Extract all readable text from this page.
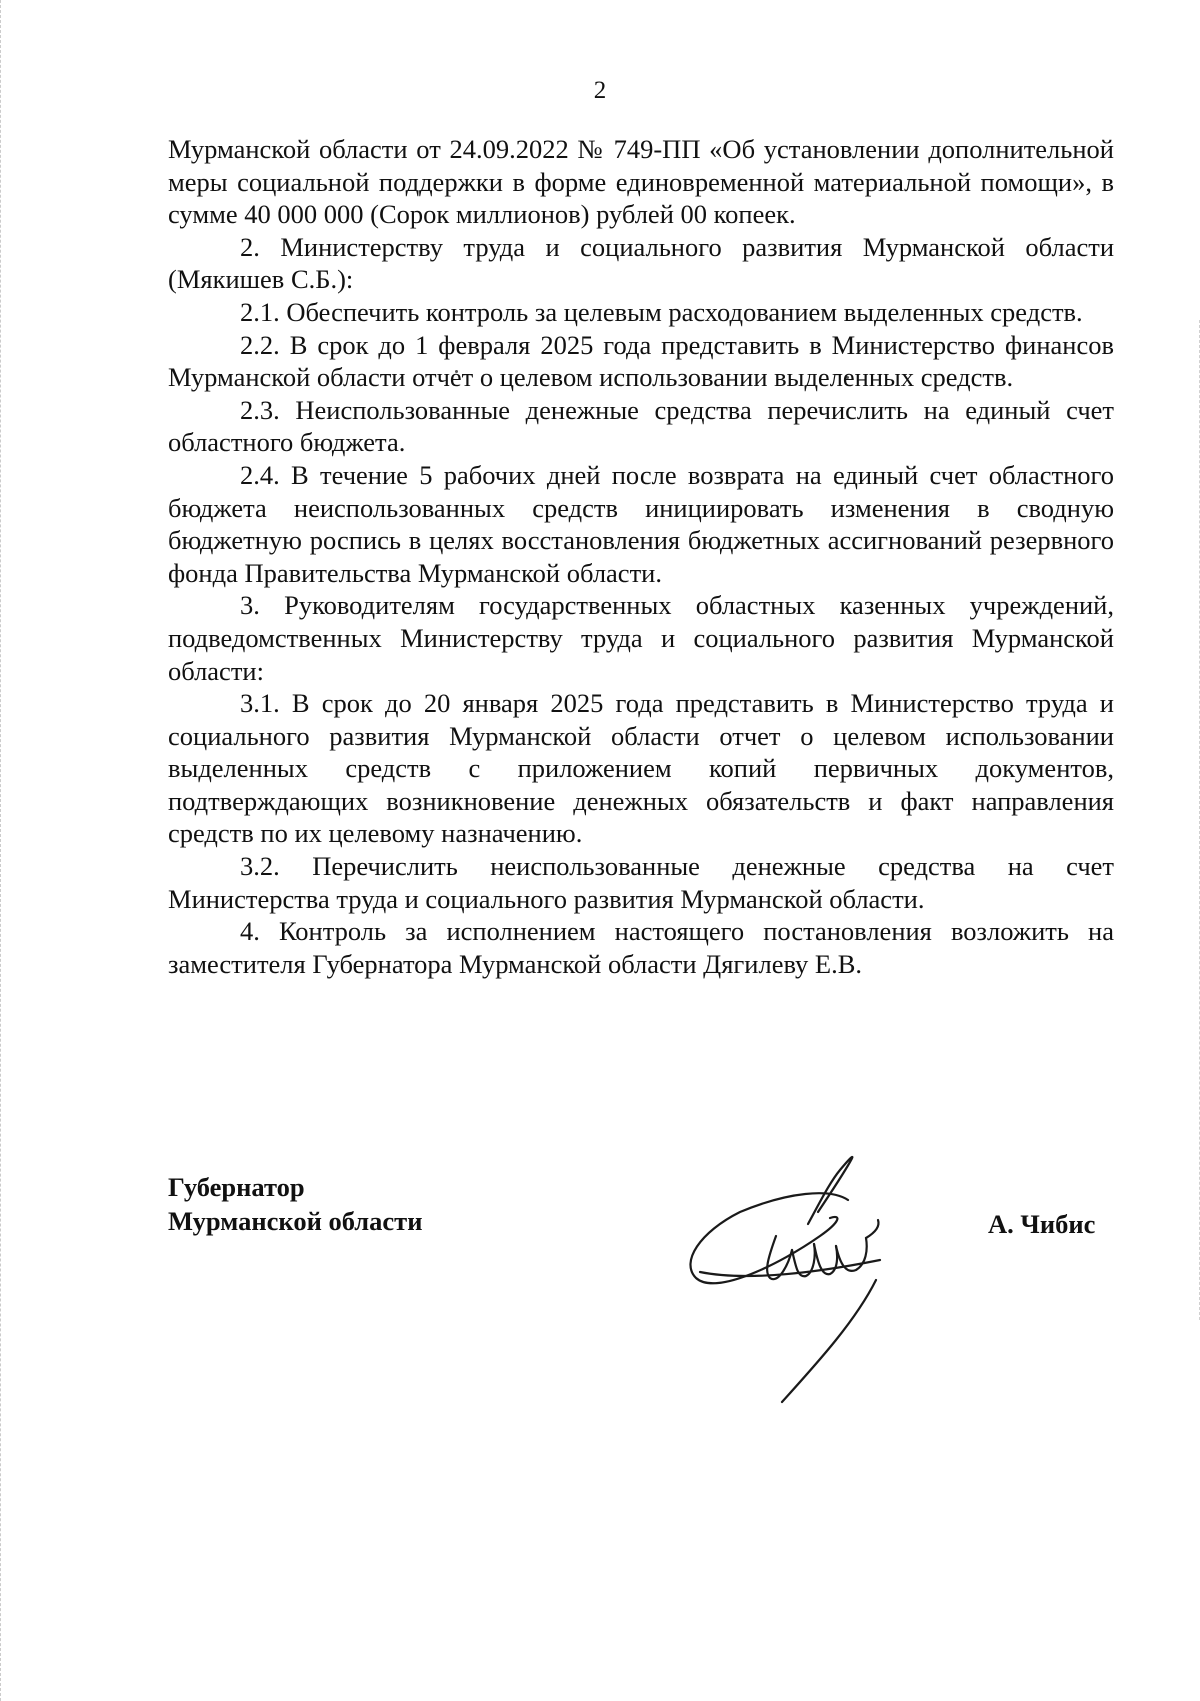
2

Мурманской области от 24.09.2022 № 749-ПП «Об установлении дополнительной меры социальной поддержки в форме единовременной материальной помощи», в сумме 40 000 000 (Сорок миллионов) рублей 00 копеек.

2. Министерству труда и социального развития Мурманской области (Мякишев С.Б.):

2.1. Обеспечить контроль за целевым расходованием выделенных средств.

2.2. В срок до 1 февраля 2025 года представить в Министерство финансов Мурманской области отчет о целевом использовании выделенных средств.

2.3. Неиспользованные денежные средства перечислить на единый счет областного бюджета.

2.4. В течение 5 рабочих дней после возврата на единый счет областного бюджета неиспользованных средств инициировать изменения в сводную бюджетную роспись в целях восстановления бюджетных ассигнований резервного фонда Правительства Мурманской области.

3. Руководителям государственных областных казенных учреждений, подведомственных Министерству труда и социального развития Мурманской области:

3.1. В срок до 20 января 2025 года представить в Министерство труда и социального развития Мурманской области отчет о целевом использовании выделенных средств с приложением копий первичных документов, подтверждающих возникновение денежных обязательств и факт направления средств по их целевому назначению.

3.2. Перечислить неиспользованные денежные средства на счет Министерства труда и социального развития Мурманской области.

4. Контроль за исполнением настоящего постановления возложить на заместителя Губернатора Мурманской области Дягилеву Е.В.

Губернатор
Мурманской области	А. Чибис
